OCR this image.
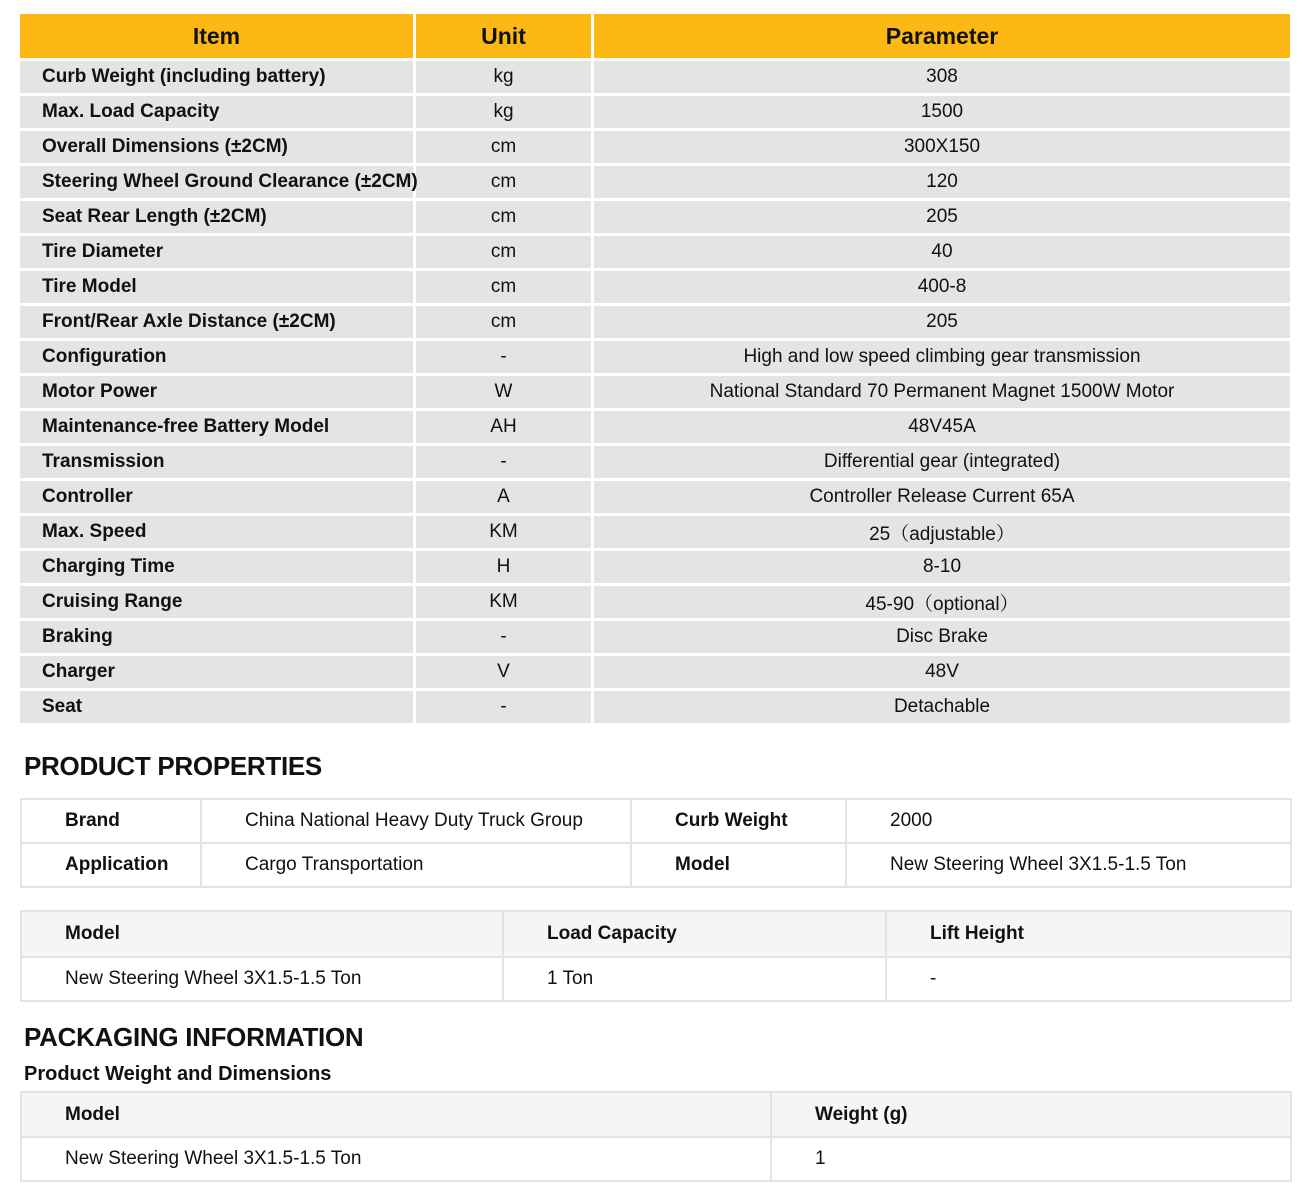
Item	Unit	Parameter
Curb Weight (including battery)	kg	308
Max. Load Capacity	kg	1500
Overall Dimensions (±2CM)	cm	300X150
Steering Wheel Ground Clearance (±2CM)	cm	120
Seat Rear Length (±2CM)	cm	205
Tire Diameter	cm	40
Tire Model	cm	400-8
Front/Rear Axle Distance (±2CM)	cm	205
Configuration	-	High and low speed climbing gear transmission
Motor Power	W	National Standard 70 Permanent Magnet 1500W Motor
Maintenance-free Battery Model	AH	48V45A
Transmission	-	Differential gear (integrated)
Controller	A	Controller Release Current 65A
Max. Speed	KM	25（adjustable）
Charging Time	H	8-10
Cruising Range	KM	45-90（optional）
Braking	-	Disc Brake
Charger	V	48V
Seat	-	Detachable
PRODUCT PROPERTIES
Brand	China National Heavy Duty Truck Group	Curb Weight	2000
Application	Cargo Transportation	Model	New Steering Wheel 3X1.5-1.5 Ton
Model	Load Capacity	Lift Height
New Steering Wheel 3X1.5-1.5 Ton	1 Ton	-
PACKAGING INFORMATION
Product Weight and Dimensions
Model	Weight (g)
New Steering Wheel 3X1.5-1.5 Ton	1
